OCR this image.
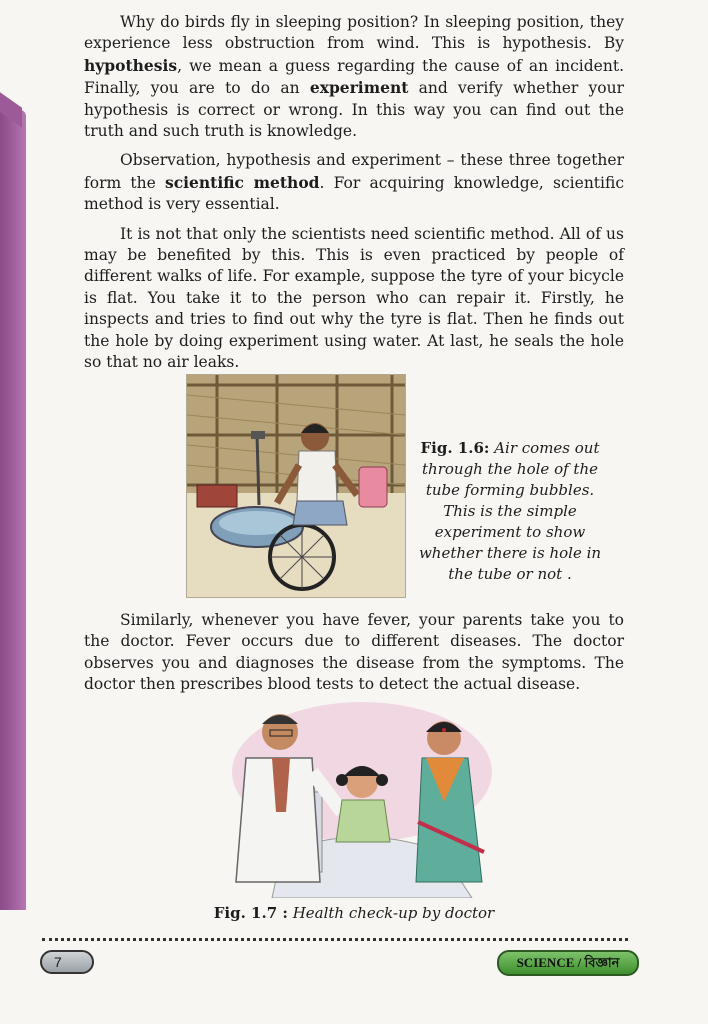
Why do birds fly in sleeping position? In sleeping position, they experience less obstruction from wind. This is hypothesis. By hypothesis, we mean a guess regarding the cause of an incident. Finally, you are to do an experiment and verify whether your hypothesis is correct or wrong. In this way you can find out the truth and such truth is knowledge.

Observation, hypothesis and experiment – these three together form the scientific method. For acquiring knowledge, scientific method is very essential.

It is not that only the scientists need scientific method. All of us may be benefited by this. This is even practiced by people of different walks of life. For example, suppose the tyre of your bicycle is flat. You take it to the person who can repair it. Firstly, he inspects and tries to find out why the tyre is flat. Then he finds out the hole by doing experiment using water. At last, he seals the hole so that no air leaks.

Fig. 1.6: Air comes out through the hole of the tube forming bubbles. This is the simple experiment to show whether there is hole in the tube or not .

Similarly, whenever you have fever, your parents take you to the doctor. Fever occurs due to different diseases. The doctor observes you and diagnoses the disease from the symptoms. The doctor then prescribes blood tests to detect the actual disease.

Fig. 1.7 : Health check-up by doctor
7	SCIENCE / বিজ্ঞান
